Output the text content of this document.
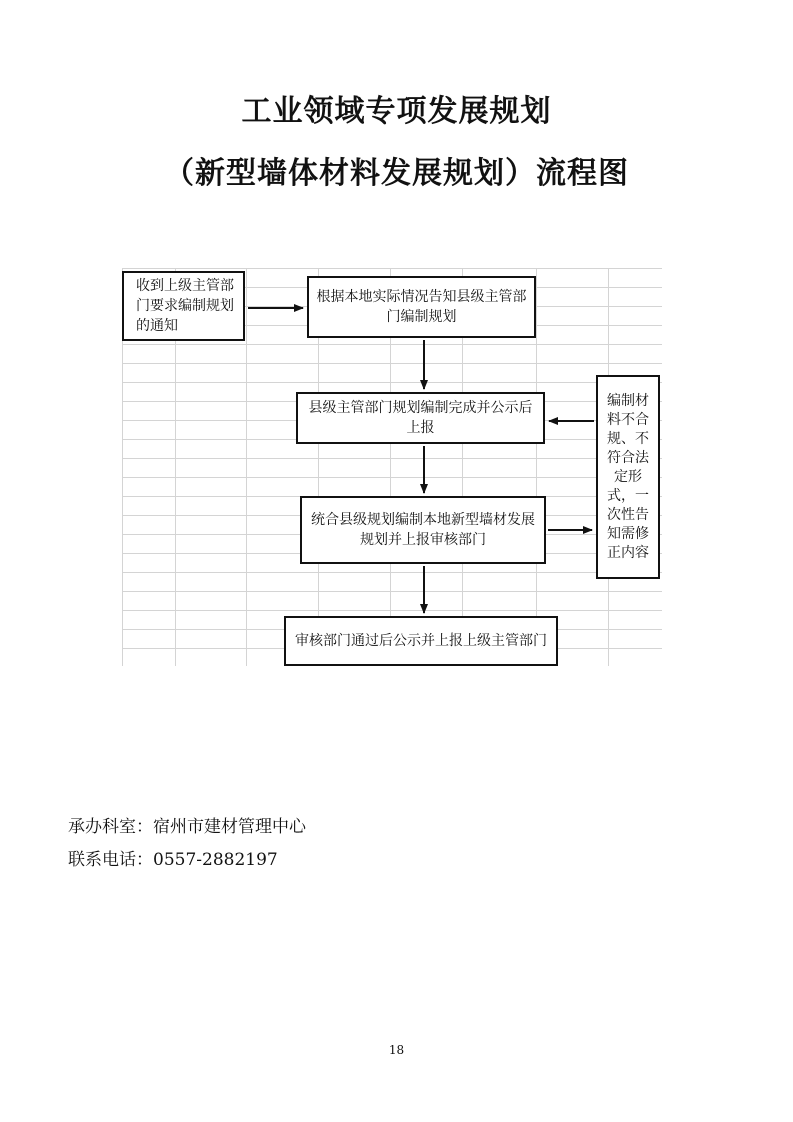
工业领域专项发展规划
（新型墙体材料发展规划）流程图
收到上级主管部门要求编制规划的通知
根据本地实际情况告知县级主管部门编制规划
县级主管部门规划编制完成并公示后上报
统合县级规划编制本地新型墙材发展规划并上报审核部门
审核部门通过后公示并上报上级主管部门
编制材料不合规、不符合法定形式，一次性告知需修正内容
承办科室：宿州市建材管理中心
联系电话：0557-2882197
18
